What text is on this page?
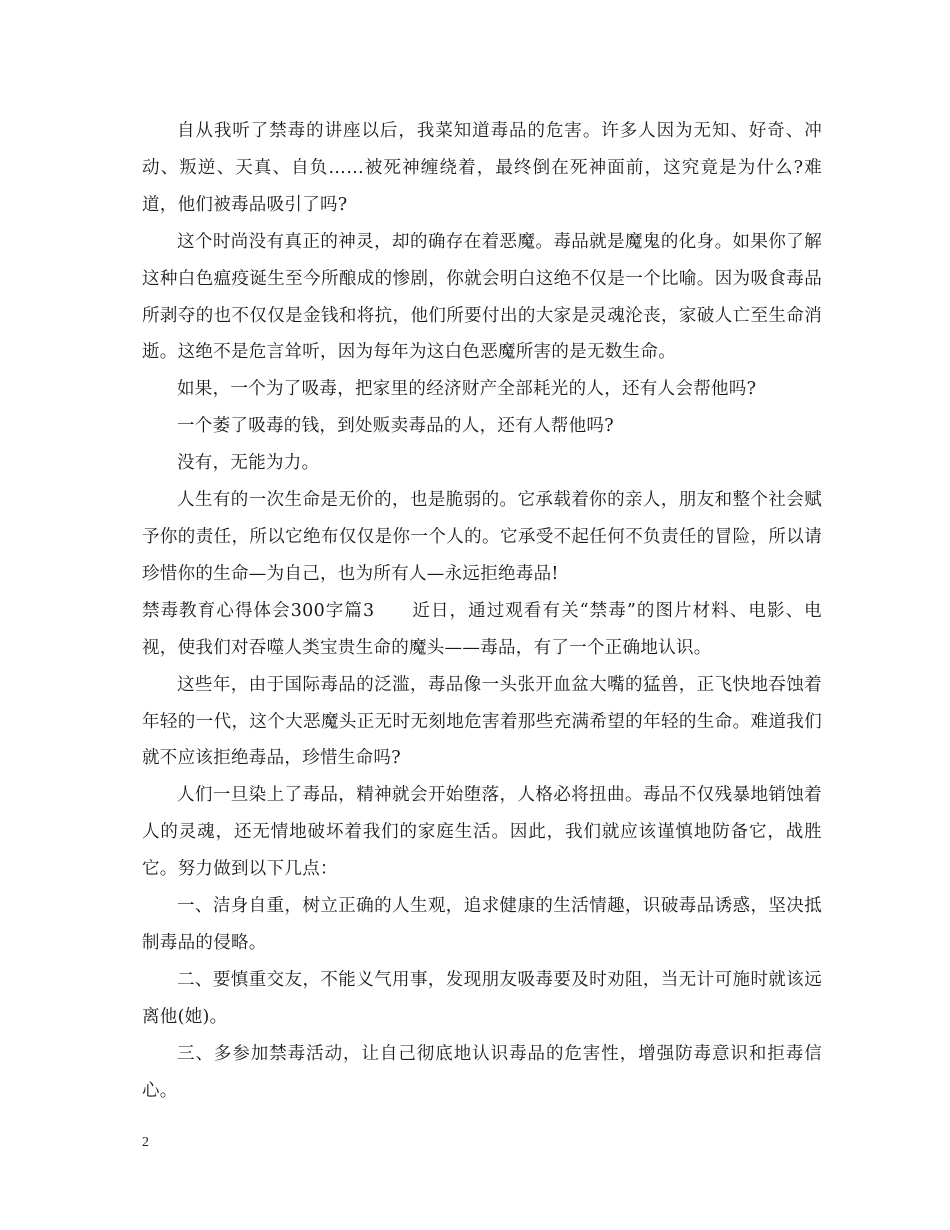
自从我听了禁毒的讲座以后，我菜知道毒品的危害。许多人因为无知、好奇、冲动、叛逆、天真、自负……被死神缠绕着，最终倒在死神面前，这究竟是为什么?难道，他们被毒品吸引了吗?

这个时尚没有真正的神灵，却的确存在着恶魔。毒品就是魔鬼的化身。如果你了解这种白色瘟疫诞生至今所酿成的惨剧，你就会明白这绝不仅是一个比喻。因为吸食毒品所剥夺的也不仅仅是金钱和将抗，他们所要付出的大家是灵魂沦丧，家破人亡至生命消逝。这绝不是危言耸听，因为每年为这白色恶魔所害的是无数生命。

如果，一个为了吸毒，把家里的经济财产全部耗光的人，还有人会帮他吗?

一个萎了吸毒的钱，到处贩卖毒品的人，还有人帮他吗?

没有，无能为力。

人生有的一次生命是无价的，也是脆弱的。它承载着你的亲人，朋友和整个社会赋予你的责任，所以它绝布仅仅是你一个人的。它承受不起任何不负责任的冒险，所以请珍惜你的生命—为自己，也为所有人—永远拒绝毒品!

禁毒教育心得体会300字篇3　　近日，通过观看有关“禁毒”的图片材料、电影、电视，使我们对吞噬人类宝贵生命的魔头——毒品，有了一个正确地认识。

这些年，由于国际毒品的泛滥，毒品像一头张开血盆大嘴的猛兽，正飞快地吞蚀着年轻的一代，这个大恶魔头正无时无刻地危害着那些充满希望的年轻的生命。难道我们就不应该拒绝毒品，珍惜生命吗?

人们一旦染上了毒品，精神就会开始堕落，人格必将扭曲。毒品不仅残暴地销蚀着人的灵魂，还无情地破坏着我们的家庭生活。因此，我们就应该谨慎地防备它，战胜它。努力做到以下几点：

一、洁身自重，树立正确的人生观，追求健康的生活情趣，识破毒品诱惑，坚决抵制毒品的侵略。

二、要慎重交友，不能义气用事，发现朋友吸毒要及时劝阻，当无计可施时就该远离他(她)。

三、多参加禁毒活动，让自己彻底地认识毒品的危害性，增强防毒意识和拒毒信心。

2
